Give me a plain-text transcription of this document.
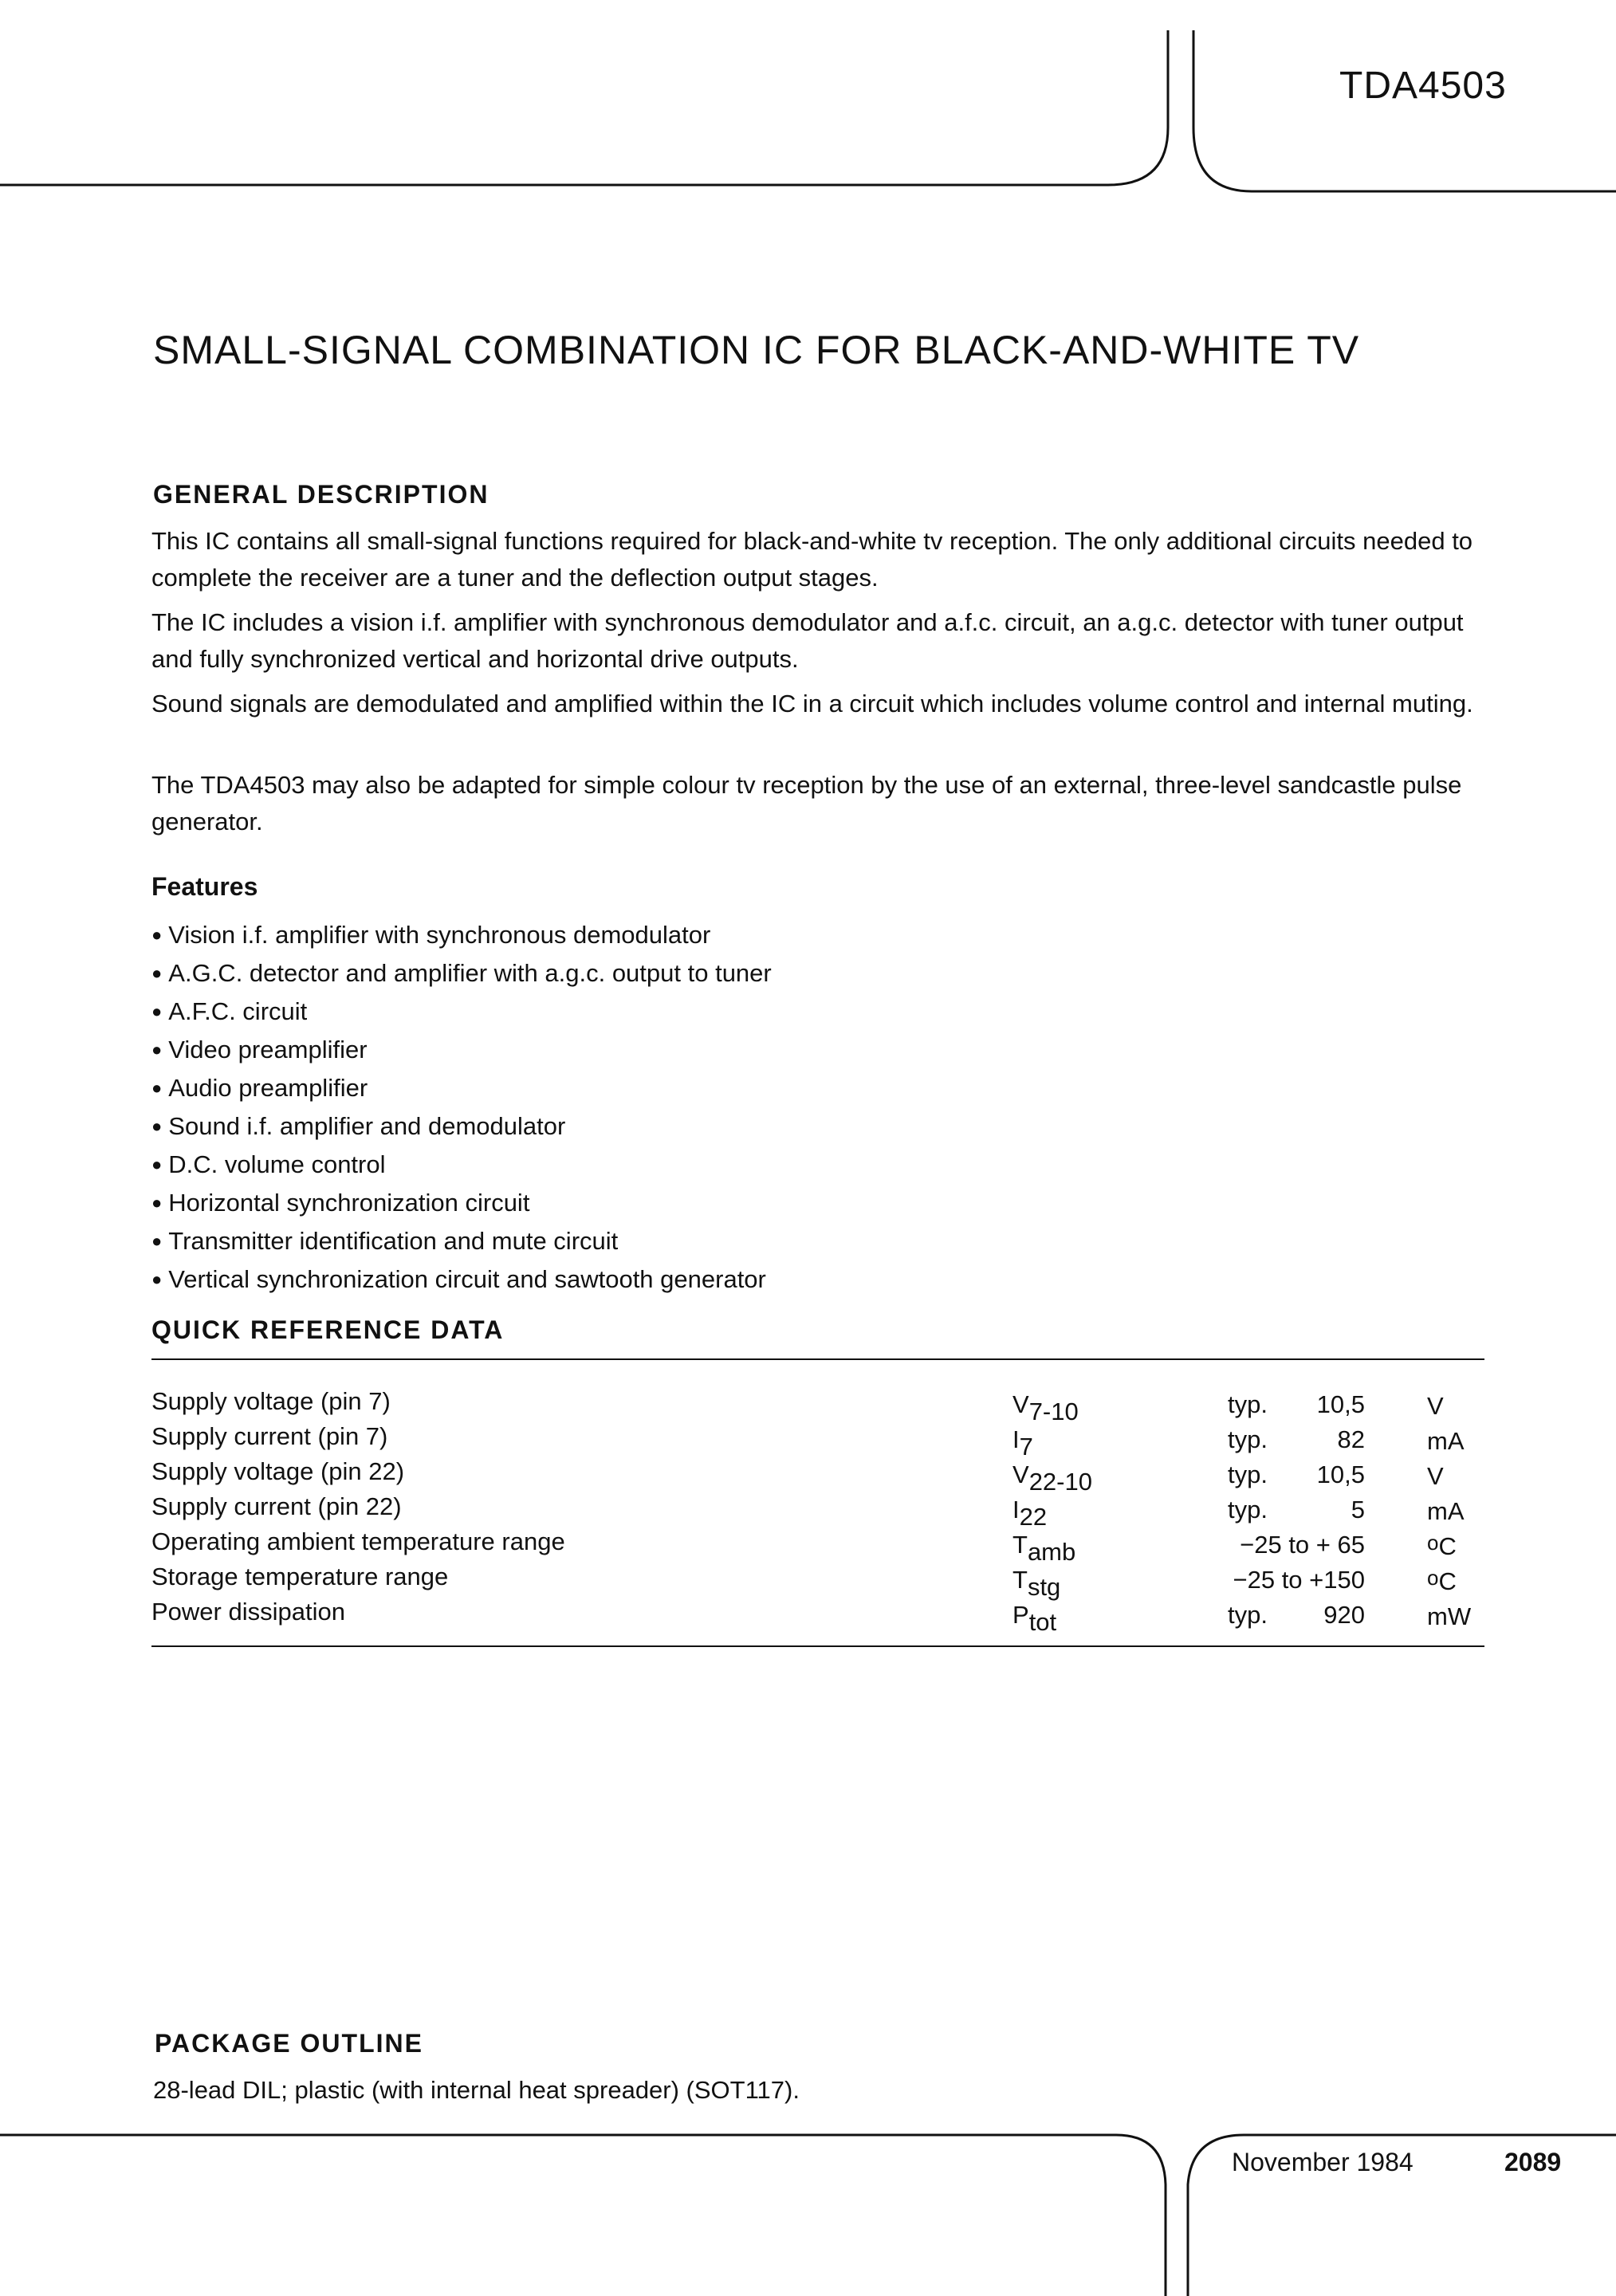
TDA4503
SMALL-SIGNAL COMBINATION IC FOR BLACK-AND-WHITE TV
GENERAL DESCRIPTION

This IC contains all small-signal functions required for black-and-white tv reception. The only additional circuits needed to complete the receiver are a tuner and the deflection output stages.

The IC includes a vision i.f. amplifier with synchronous demodulator and a.f.c. circuit, an a.g.c. detector with tuner output and fully synchronized vertical and horizontal drive outputs.

Sound signals are demodulated and amplified within the IC in a circuit which includes volume control and internal muting.

The TDA4503 may also be adapted for simple colour tv reception by the use of an external, three-level sandcastle pulse generator.

Features
● Vision i.f. amplifier with synchronous demodulator
● A.G.C. detector and amplifier with a.g.c. output to tuner
● A.F.C. circuit
● Video preamplifier
● Audio preamplifier
● Sound i.f. amplifier and demodulator
● D.C. volume control
● Horizontal synchronization circuit
● Transmitter identification and mute circuit
● Vertical synchronization circuit and sawtooth generator
QUICK REFERENCE DATA
Supply voltage (pin 7)	$V_{7-10}$	typ. 10,5	V
Supply current (pin 7)	$I_7$	typ.	82	mA
Supply voltage (pin 22)	$V_{22-10}$	typ. 10,5	V
Supply current (pin 22)	$I_{22}$	typ.	5	mA
Operating ambient temperature range	$T_{amb}$	−25 to + 65	$^o$C
Storage temperature range	$T_{stg}$	−25 to +150	$^o$C
Power dissipation	$P_{tot}$	typ. 920	mW
PACKAGE OUTLINE
28-lead DIL; plastic (with internal heat spreader) (SOT117).
November 1984	2089
